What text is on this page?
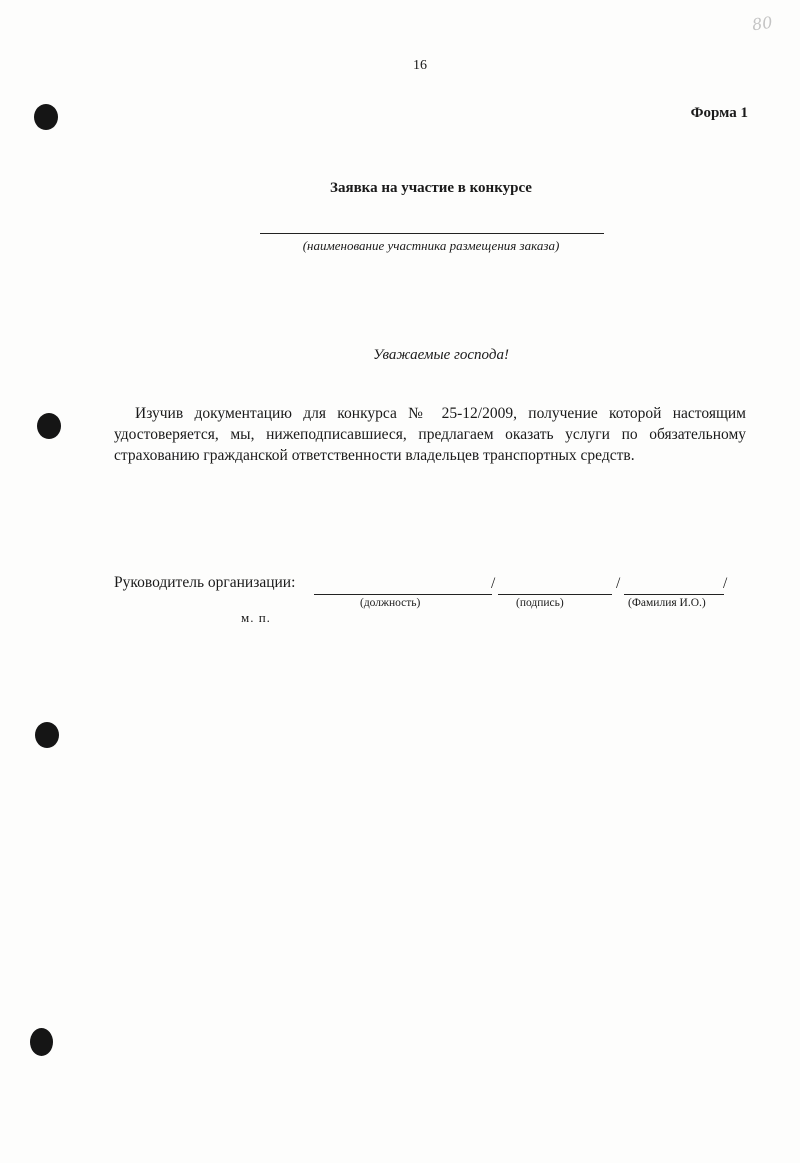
80
16
Форма 1
Заявка на участие в конкурсе
(наименование участника размещения заказа)
Уважаемые господа!
Изучив документацию для конкурса № 25-12/2009, получение которой настоящим удостоверяется, мы, нижеподписавшиеся, предлагаем оказать услуги по обязательному страхованию гражданской ответственности владельцев транспортных средств.
Руководитель организации:	/	/	/
(должность)	(подпись)	(Фамилия И.О.)
м. п.
